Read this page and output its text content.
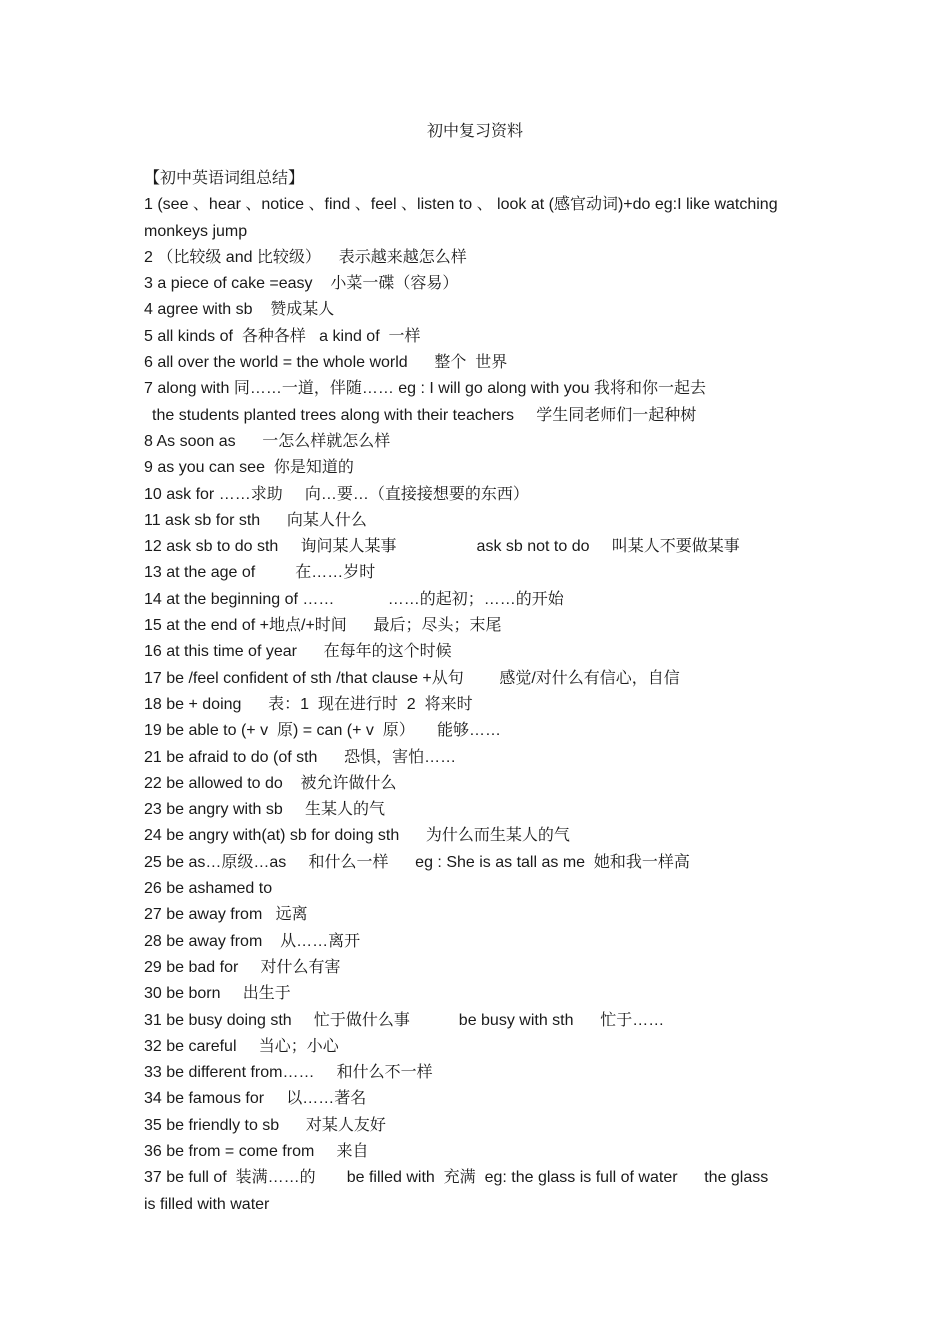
初中复习资料
【初中英语词组总结】
1 (see 、hear 、notice 、find 、feel 、listen to 、 look at (感官动词)+do eg:I like watching
monkeys jump
2 （比较级 and 比较级）    表示越来越怎么样
3 a piece of cake =easy    小菜一碟（容易）
4 agree with sb    赞成某人
5 all kinds of  各种各样   a kind of  一样
6 all over the world = the whole world      整个  世界
7 along with 同……一道，伴随…… eg : I will go along with you 我将和你一起去
the students planted trees along with their teachers     学生同老师们一起种树
8 As soon as      一怎么样就怎么样
9 as you can see  你是知道的
10 ask for ……求助     向…要…（直接接想要的东西）
11 ask sb for sth      向某人什么
12 ask sb to do sth     询问某人某事                  ask sb not to do     叫某人不要做某事
13 at the age of         在……岁时
14 at the beginning of ……            ……的起初；……的开始
15 at the end of +地点/+时间      最后；尽头；末尾
16 at this time of year      在每年的这个时候
17 be /feel confident of sth /that clause +从句        感觉/对什么有信心，自信
18 be + doing      表：1  现在进行时  2  将来时
19 be able to (+ v  原) = can (+ v  原）     能够……
21 be afraid to do (of sth      恐惧，害怕……
22 be allowed to do    被允许做什么
23 be angry with sb     生某人的气
24 be angry with(at) sb for doing sth      为什么而生某人的气
25 be as…原级…as     和什么一样      eg : She is as tall as me  她和我一样高
26 be ashamed to
27 be away from   远离
28 be away from    从……离开
29 be bad for     对什么有害
30 be born     出生于
31 be busy doing sth     忙于做什么事           be busy with sth      忙于……
32 be careful     当心；小心
33 be different from……     和什么不一样
34 be famous for     以……著名
35 be friendly to sb      对某人友好
36 be from = come from     来自
37 be full of  装满……的       be filled with  充满  eg: the glass is full of water      the glass
is filled with water
